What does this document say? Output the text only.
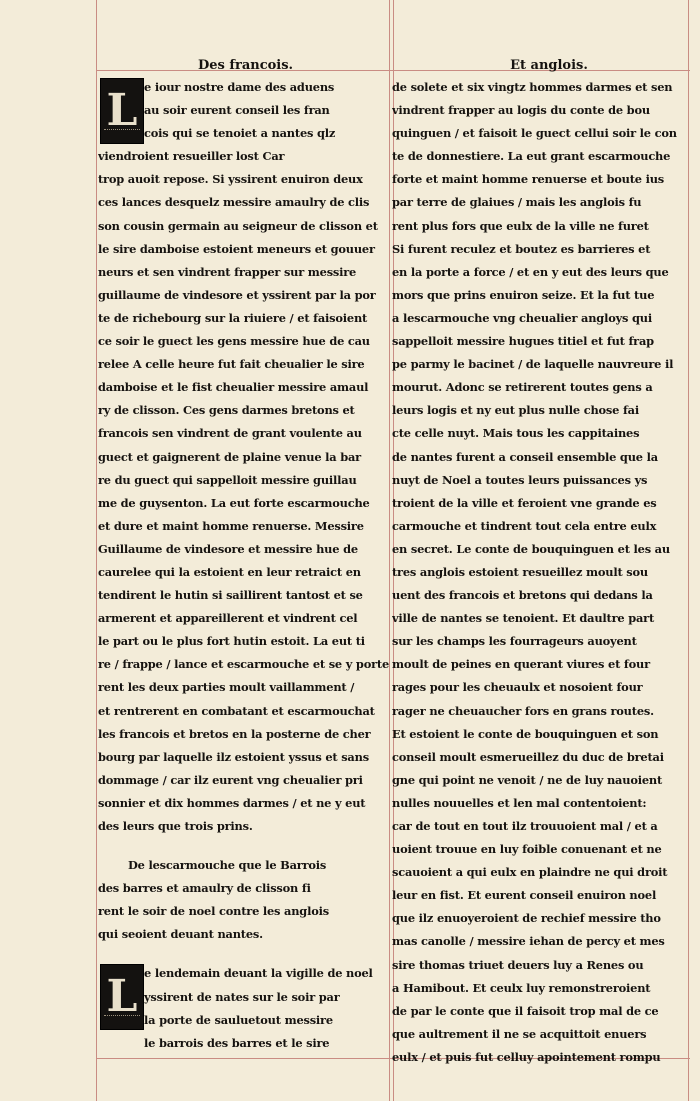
Des francois.
L e iour nostre dame des aduens
au soir eurent conseil les fran
cois qui se tenoiet a nantes qlz
viendroient resueiller lost Car
trop auoit repose. Si yssirent enuiron deux
ces lances desquelz messire amaulry de clis
son cousin germain au seigneur de clisson et
le sire damboise estoient meneurs et gouuer
neurs et sen vindrent frapper sur messire
guillaume de vindesore et yssirent par la por
te de richebourg sur la riuiere / et faisoient
ce soir le guect les gens messire hue de cau
relee A celle heure fut fait cheualier le sire
damboise et le fist cheualier messire amaul
ry de clisson. Ces gens darmes bretons et
francois sen vindrent de grant voulente au
guect et gaignerent de plaine venue la bar
re du guect qui sappelloit messire guillau
me de guysenton. La eut forte escarmouche
et dure et maint homme renuerse. Messire
Guillaume de vindesore et messire hue de
caurelee qui la estoient en leur retraict en
tendirent le hutin si saillirent tantost et se
armerent et appareillerent et vindrent cel
le part ou le plus fort hutin estoit. La eut ti
re / frappe / lance et escarmouche et se y porte
rent les deux parties moult vaillamment /
et rentrerent en combatant et escarmouchat
les francois et bretos en la posterne de cher
bourg par laquelle ilz estoient yssus et sans
dommage / car ilz eurent vng cheualier pri
sonnier et dix hommes darmes / et ne y eut
des leurs que trois prins.
De lescarmouche que le Barrois
des barres et amaulry de clisson fi
rent le soir de noel contre les anglois
qui seoient deuant nantes.
L e lendemain deuant la vigille de noel
yssirent de nates sur le soir par
la porte de sauluetout messire
le barrois des barres et le sire
Et anglois.
de solete et six vingtz hommes darmes et sen
vindrent frapper au logis du conte de bou
quinguen / et faisoit le guect cellui soir le con
te de donnestiere. La eut grant escarmouche
forte et maint homme renuerse et boute ius
par terre de glaiues / mais les anglois fu
rent plus fors que eulx de la ville ne furet
Si furent reculez et boutez es barrieres et
en la porte a force / et en y eut des leurs que
mors que prins enuiron seize. Et la fut tue
a lescarmouche vng cheualier angloys qui
sappelloit messire hugues titiel et fut frap
pe parmy le bacinet / de laquelle nauvreure il
mourut. Adonc se retirerent toutes gens a
leurs logis et ny eut plus nulle chose fai
cte celle nuyt. Mais tous les cappitaines
de nantes furent a conseil ensemble que la
nuyt de Noel a toutes leurs puissances ys
troient de la ville et feroient vne grande es
carmouche et tindrent tout cela entre eulx
en secret. Le conte de bouquinguen et les au
tres anglois estoient resueillez moult sou
uent des francois et bretons qui dedans la
ville de nantes se tenoient. Et daultre part
sur les champs les fourrageurs auoyent
moult de peines en querant viures et four
rages pour les cheuaulx et nosoient four
rager ne cheuaucher fors en grans routes.
Et estoient le conte de bouquinguen et son
conseil moult esmerueillez du duc de bretai
gne qui point ne venoit / ne de luy nauoient
nulles nouuelles et len mal contentoient:
car de tout en tout ilz trouuoient mal / et a
uoient trouue en luy foible conuenant et ne
scauoient a qui eulx en plaindre ne qui droit
leur en fist. Et eurent conseil enuiron noel
que ilz enuoyeroient de rechief messire tho
mas canolle / messire iehan de percy et mes
sire thomas triuet deuers luy a Renes ou
a Hamibout. Et ceulx luy remonstreroient
de par le conte que il faisoit trop mal de ce
que aultrement il ne se acquittoit enuers
eulx / et puis fut celluy apointement rompu
